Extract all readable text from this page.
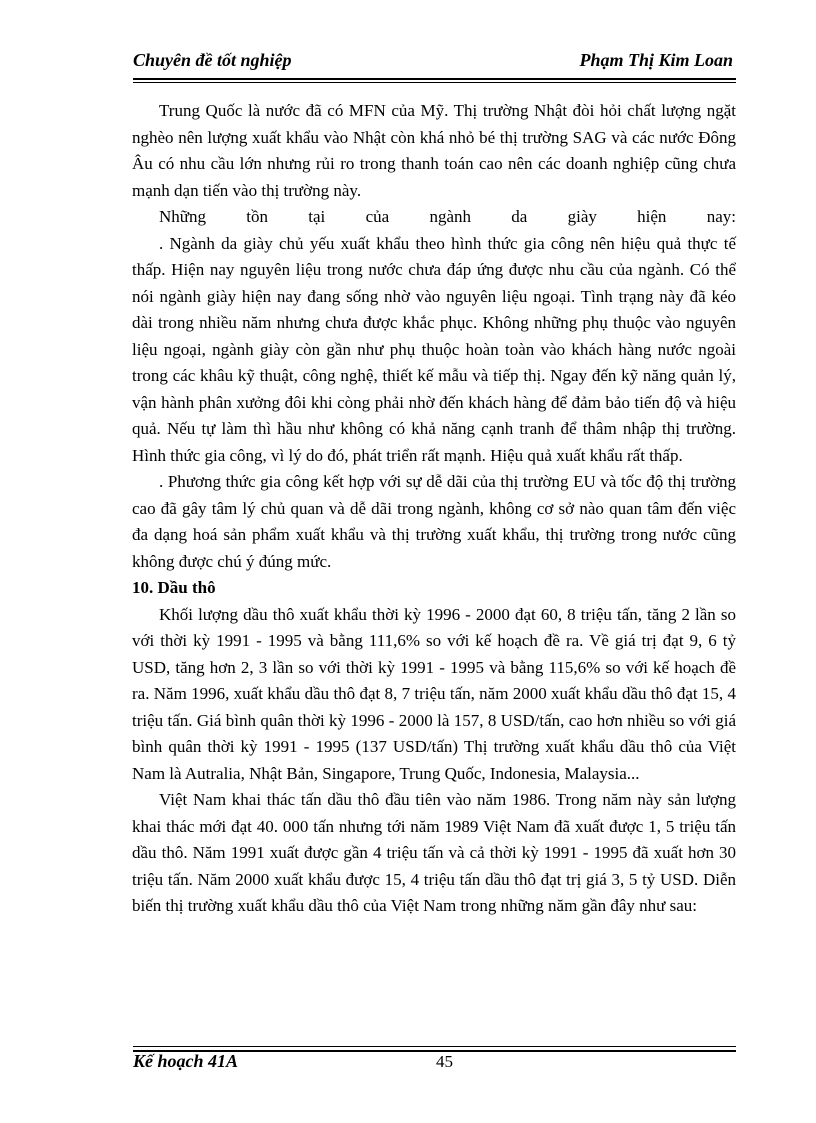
Chuyên đề tốt nghiệp	Phạm Thị Kim Loan

Trung Quốc là nước đã có MFN của Mỹ. Thị trường Nhật đòi hỏi chất lượng ngặt nghèo nên lượng xuất khẩu vào Nhật còn khá nhỏ bé thị trường SAG và các nước Đông Âu có nhu cầu lớn nhưng rủi ro trong thanh toán cao nên các doanh nghiệp cũng chưa mạnh dạn tiến vào thị trường này.

Những tồn tại của ngành da giày hiện nay:

. Ngành da giày chủ yếu xuất khẩu theo hình thức gia công nên hiệu quả thực tế thấp. Hiện nay nguyên liệu trong nước chưa đáp ứng được nhu cầu của ngành. Có thể nói ngành giày hiện nay đang sống nhờ vào nguyên liệu ngoại. Tình trạng này đã kéo dài trong nhiều năm nhưng chưa được khắc phục. Không những phụ thuộc vào nguyên liệu ngoại, ngành giày còn gần như phụ thuộc hoàn toàn vào khách hàng nước ngoài trong các khâu kỹ thuật, công nghệ, thiết kế mẫu và tiếp thị. Ngay đến kỹ năng quản lý, vận hành phân xưởng đôi khi còng phải nhờ đến khách hàng để đảm bảo tiến độ và hiệu quả. Nếu tự làm thì hầu như không có khả năng cạnh tranh để thâm nhập thị trường. Hình thức gia công, vì lý do đó, phát triển rất mạnh. Hiệu quả xuất khẩu rất thấp.

. Phương thức gia công kết hợp với sự dễ dãi của thị trường EU và tốc độ thị trường cao đã gây tâm lý chủ quan và dễ dãi trong ngành, không cơ sở nào quan tâm đến việc đa dạng hoá sản phẩm xuất khẩu và thị trường xuất khẩu, thị trường trong nước cũng không được chú ý đúng mức.

10. Dầu thô

Khối lượng dầu thô xuất khẩu thời kỳ 1996 - 2000 đạt 60, 8 triệu tấn, tăng 2 lần so với thời kỳ 1991 - 1995 và bằng 111,6% so với kế hoạch đề ra. Về giá trị đạt 9, 6 tỷ USD, tăng hơn 2, 3 lần so với thời kỳ 1991 - 1995 và bằng 115,6% so với kế hoạch đề ra. Năm 1996, xuất khẩu dầu thô đạt 8, 7 triệu tấn, năm 2000 xuất khẩu dầu thô đạt 15, 4 triệu tấn. Giá bình quân thời kỳ 1996 - 2000 là 157, 8 USD/tấn, cao hơn nhiều so với giá bình quân thời kỳ 1991 - 1995 (137 USD/tấn) Thị trường xuất khẩu dầu thô của Việt Nam là Autralia, Nhật Bản, Singapore, Trung Quốc, Indonesia, Malaysia...

Việt Nam khai thác tấn dầu thô đầu tiên vào năm 1986. Trong năm này sản lượng khai thác mới đạt 40. 000 tấn nhưng tới năm 1989 Việt Nam đã xuất được 1, 5 triệu tấn dầu thô. Năm 1991 xuất được gần 4 triệu tấn và cả thời kỳ 1991 - 1995 đã xuất hơn 30 triệu tấn. Năm 2000 xuất khẩu được 15, 4 triệu tấn dầu thô đạt trị giá 3, 5 tỷ USD. Diễn biến thị trường xuất khẩu dầu thô của Việt Nam trong những năm gần đây như sau:

Kế hoạch 41A	45
